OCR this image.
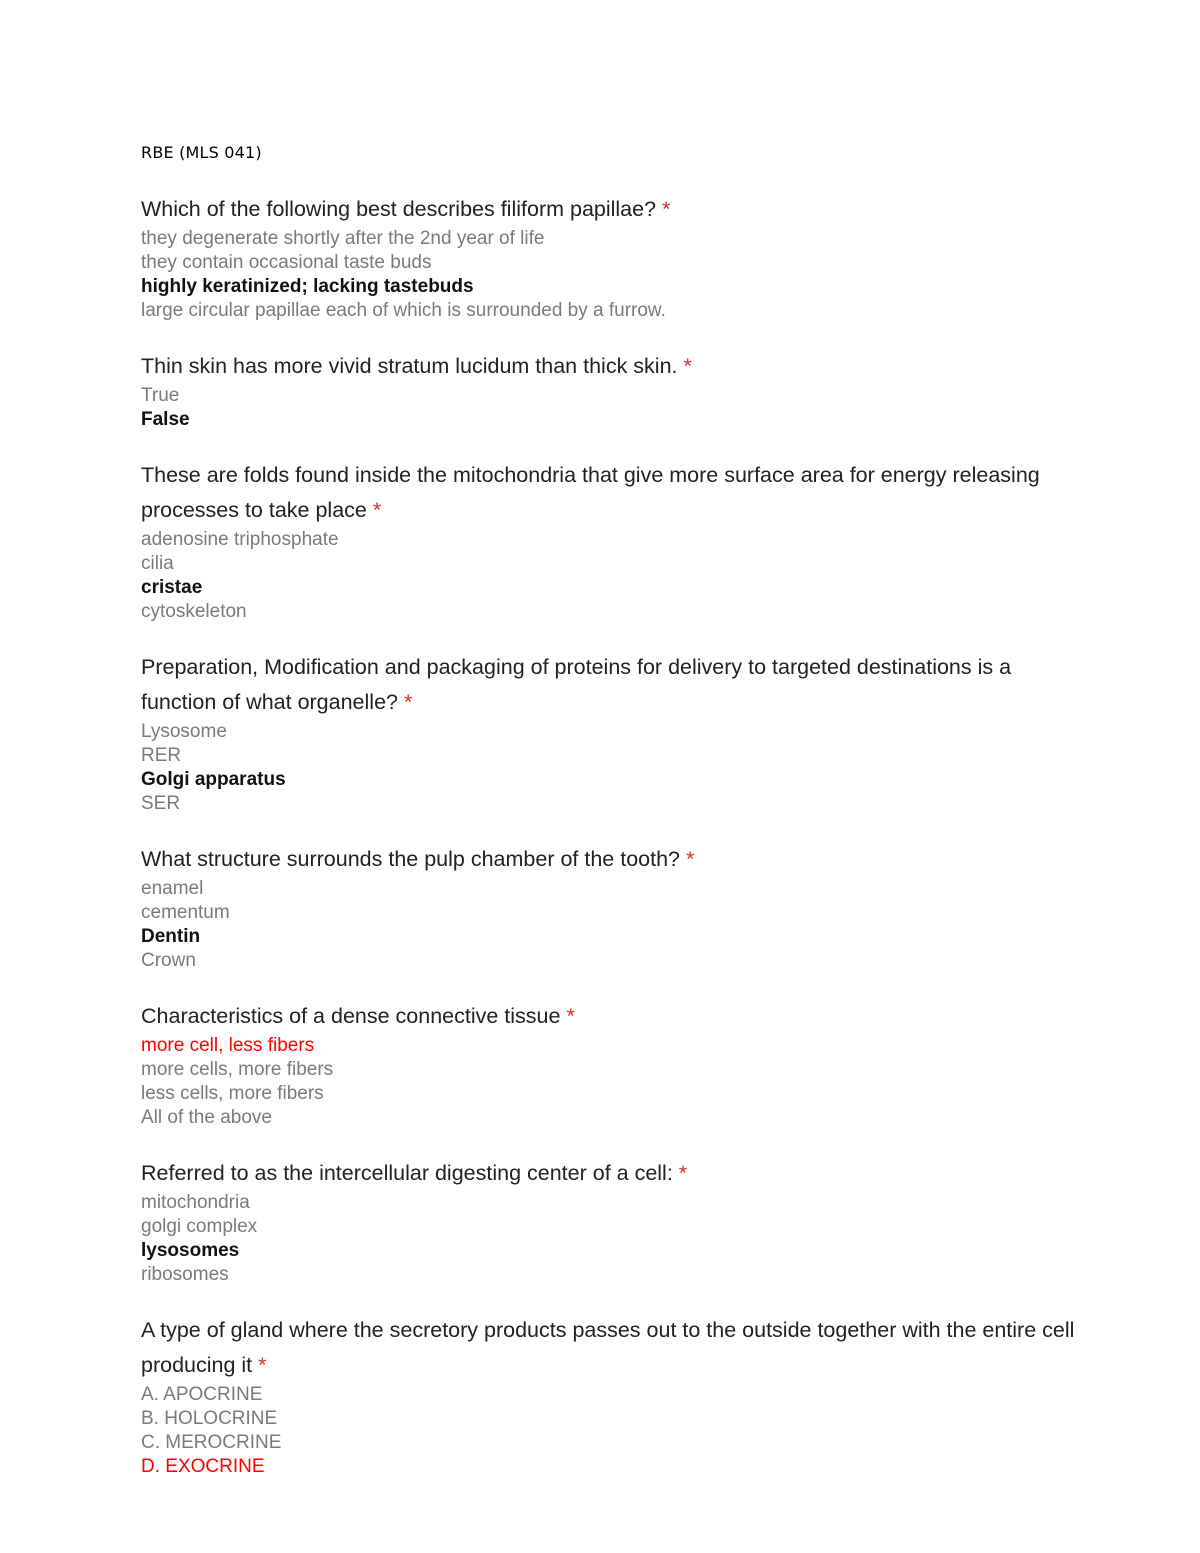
RBE (MLS 041)

Which of the following best describes filiform papillae? *

they degenerate shortly after the 2nd year of life
they contain occasional taste buds
highly keratinized; lacking tastebuds
large circular papillae each of which is surrounded by a furrow.

Thin skin has more vivid stratum lucidum than thick skin. *

True
False

These are folds found inside the mitochondria that give more surface area for energy releasing processes to take place *

adenosine triphosphate
cilia
cristae
cytoskeleton

Preparation, Modification and packaging of proteins for delivery to targeted destinations is a function of what organelle? *

Lysosome
RER
Golgi apparatus
SER

What structure surrounds the pulp chamber of the tooth? *

enamel
cementum
Dentin
Crown

Characteristics of a dense connective tissue *

more cell, less fibers
more cells, more fibers
less cells, more fibers
All of the above

Referred to as the intercellular digesting center of a cell: *

mitochondria
golgi complex
lysosomes
ribosomes

A type of gland where the secretory products passes out to the outside together with the entire cell producing it *

A. APOCRINE
B. HOLOCRINE
C. MEROCRINE
D. EXOCRINE
